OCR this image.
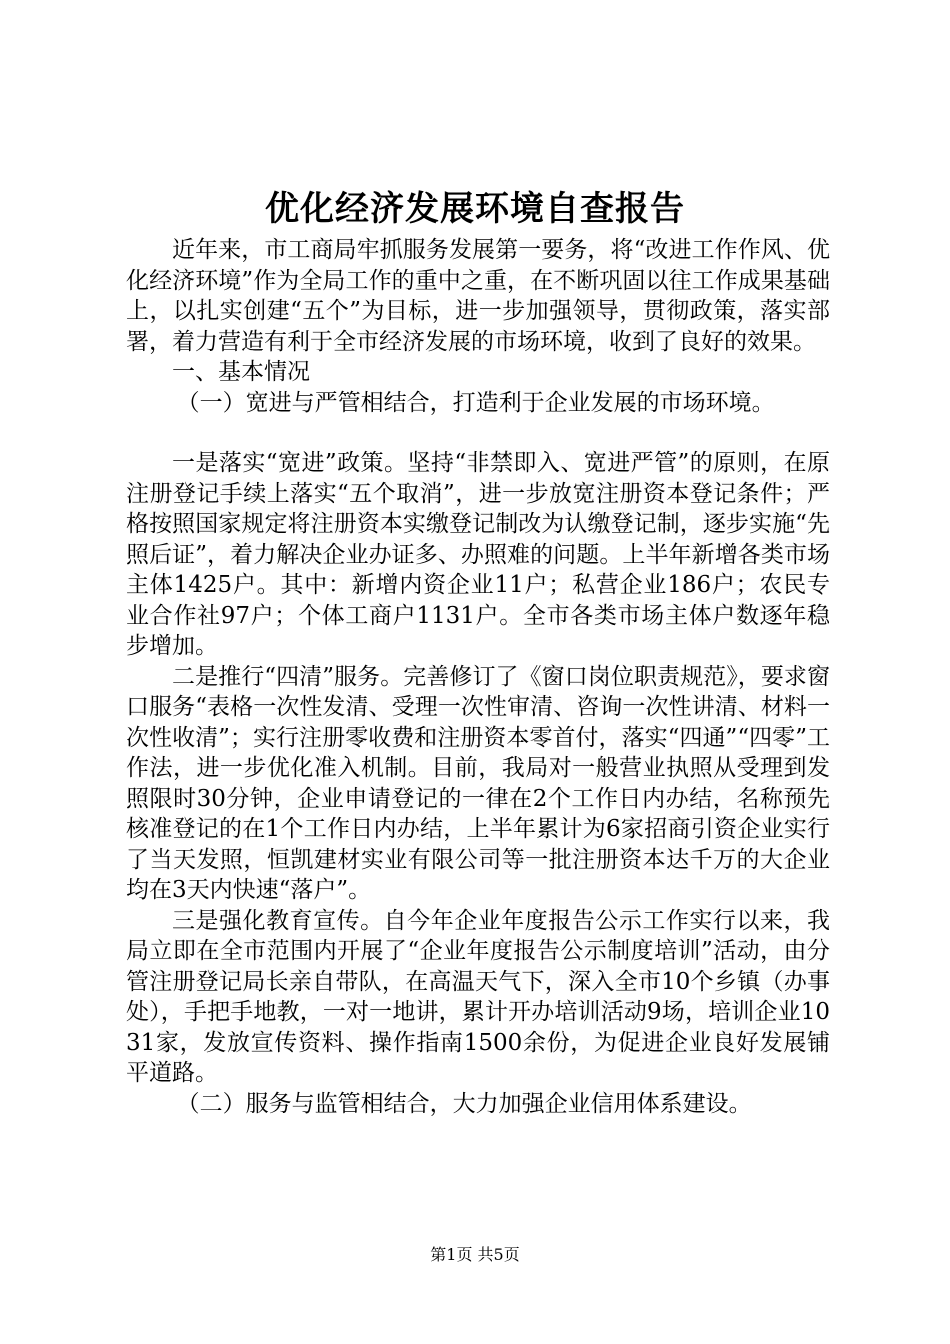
优化经济发展环境自查报告

近年来，市工商局牢抓服务发展第一要务，将“改进工作作风、优化经济环境”作为全局工作的重中之重，在不断巩固以往工作成果基础上，以扎实创建“五个”为目标，进一步加强领导，贯彻政策，落实部署，着力营造有利于全市经济发展的市场环境，收到了良好的效果。

一、基本情况

（一）宽进与严管相结合，打造利于企业发展的市场环境。

一是落实“宽进”政策。坚持“非禁即入、宽进严管”的原则，在原注册登记手续上落实“五个取消”，进一步放宽注册资本登记条件；严格按照国家规定将注册资本实缴登记制改为认缴登记制，逐步实施“先照后证”，着力解决企业办证多、办照难的问题。上半年新增各类市场主体1425户。其中：新增内资企业11户；私营企业186户；农民专业合作社97户；个体工商户1131户。全市各类市场主体户数逐年稳步增加。

二是推行“四清”服务。完善修订了《窗口岗位职责规范》，要求窗口服务“表格一次性发清、受理一次性审清、咨询一次性讲清、材料一次性收清”；实行注册零收费和注册资本零首付，落实“四通”“四零”工作法，进一步优化准入机制。目前，我局对一般营业执照从受理到发照限时30分钟，企业申请登记的一律在2个工作日内办结，名称预先核准登记的在1个工作日内办结，上半年累计为6家招商引资企业实行了当天发照，恒凯建材实业有限公司等一批注册资本达千万的大企业均在3天内快速“落户”。

三是强化教育宣传。自今年企业年度报告公示工作实行以来，我局立即在全市范围内开展了“企业年度报告公示制度培训”活动，由分管注册登记局长亲自带队，在高温天气下，深入全市10个乡镇（办事处），手把手地教，一对一地讲，累计开办培训活动9场，培训企业1031家，发放宣传资料、操作指南1500余份，为促进企业良好发展铺平道路。

（二）服务与监管相结合，大力加强企业信用体系建设。

第1页 共5页
